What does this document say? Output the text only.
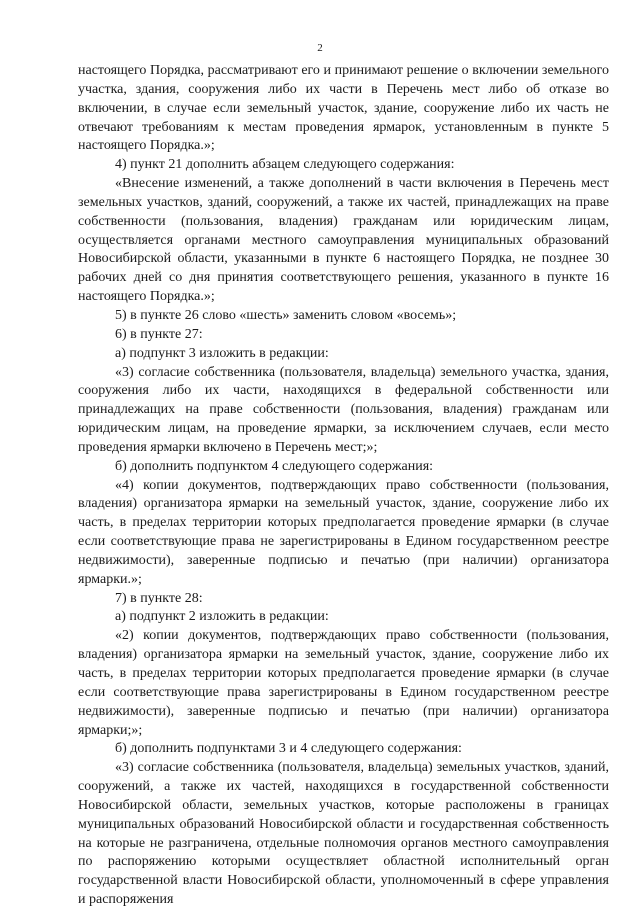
2

настоящего Порядка, рассматривают его и принимают решение о включении земельного участка, здания, сооружения либо их части в Перечень мест либо об отказе во включении, в случае если земельный участок, здание, сооружение либо их часть не отвечают требованиям к местам проведения ярмарок, установленным в пункте 5 настоящего Порядка.»;

4) пункт 21 дополнить абзацем следующего содержания:

«Внесение изменений, а также дополнений в части включения в Перечень мест земельных участков, зданий, сооружений, а также их частей, принадлежащих на праве собственности (пользования, владения) гражданам или юридическим лицам, осуществляется органами местного самоуправления муниципальных образований Новосибирской области, указанными в пункте 6 настоящего Порядка, не позднее 30 рабочих дней со дня принятия соответствующего решения, указанного в пункте 16 настоящего Порядка.»;

5) в пункте 26 слово «шесть» заменить словом «восемь»;

6) в пункте 27:

а) подпункт 3 изложить в редакции:

«3) согласие собственника (пользователя, владельца) земельного участка, здания, сооружения либо их части, находящихся в федеральной собственности или принадлежащих на праве собственности (пользования, владения) гражданам или юридическим лицам, на проведение ярмарки, за исключением случаев, если место проведения ярмарки включено в Перечень мест;»;

б) дополнить подпунктом 4 следующего содержания:

«4) копии документов, подтверждающих право собственности (пользования, владения) организатора ярмарки на земельный участок, здание, сооружение либо их часть, в пределах территории которых предполагается проведение ярмарки (в случае если соответствующие права не зарегистрированы в Едином государственном реестре недвижимости), заверенные подписью и печатью (при наличии) организатора ярмарки.»;

7) в пункте 28:

а) подпункт 2 изложить в редакции:

«2) копии документов, подтверждающих право собственности (пользования, владения) организатора ярмарки на земельный участок, здание, сооружение либо их часть, в пределах территории которых предполагается проведение ярмарки (в случае если соответствующие права зарегистрированы в Едином государственном реестре недвижимости), заверенные подписью и печатью (при наличии) организатора ярмарки;»;

б) дополнить подпунктами 3 и 4 следующего содержания:

«3) согласие собственника (пользователя, владельца) земельных участков, зданий, сооружений, а также их частей, находящихся в государственной собственности Новосибирской области, земельных участков, которые расположены в границах муниципальных образований Новосибирской области и государственная собственность на которые не разграничена, отдельные полномочия органов местного самоуправления по распоряжению которыми осуществляет областной исполнительный орган государственной власти Новосибирской области, уполномоченный в сфере управления и распоряжения
